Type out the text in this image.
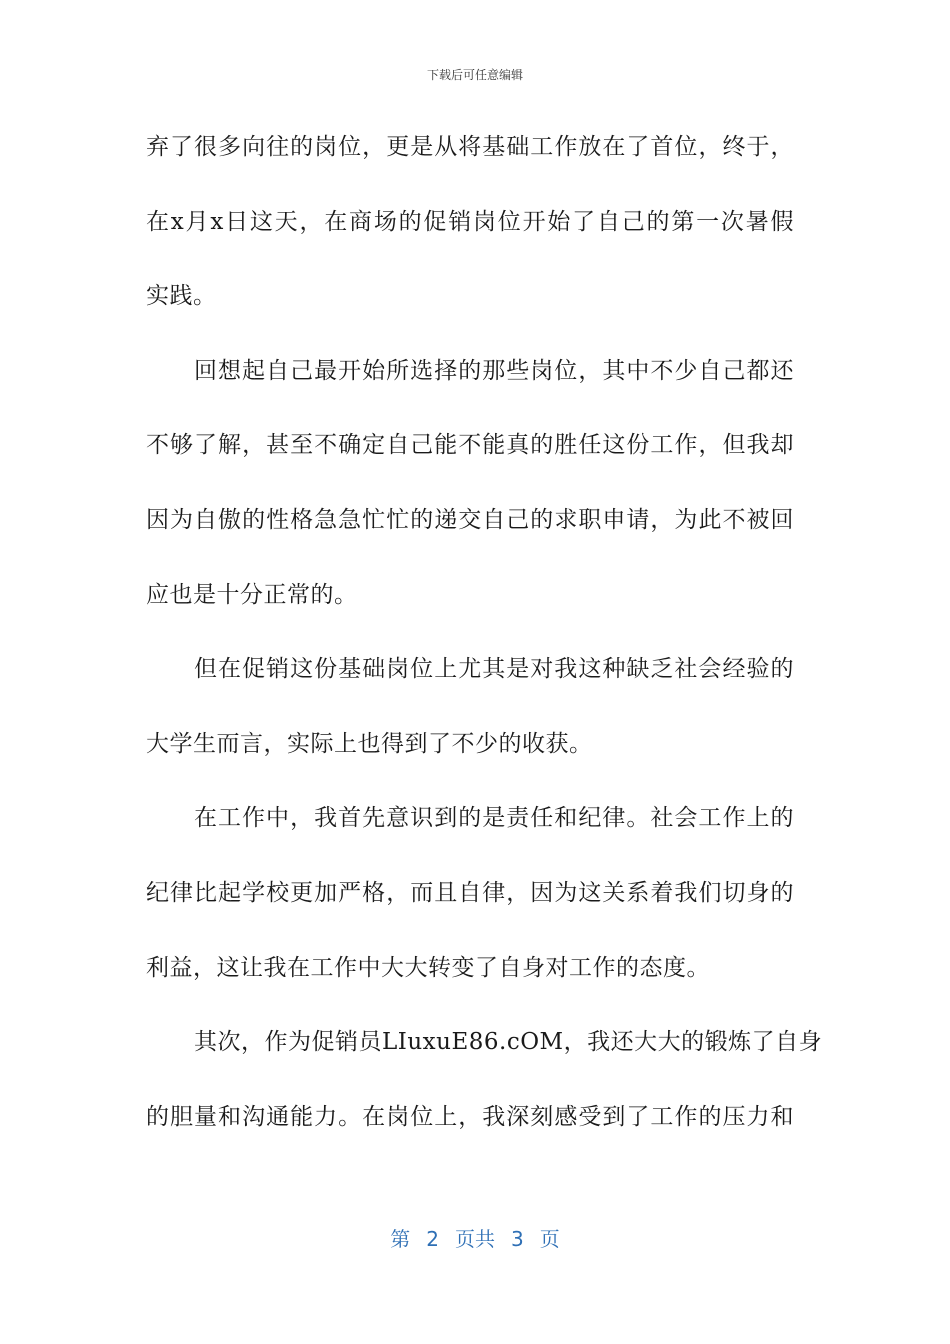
下载后可任意编辑
弃了很多向往的岗位，更是从将基础工作放在了首位，终于，
在x月x日这天，在商场的促销岗位开始了自己的第一次暑假
实践。
回想起自己最开始所选择的那些岗位，其中不少自己都还
不够了解，甚至不确定自己能不能真的胜任这份工作，但我却
因为自傲的性格急急忙忙的递交自己的求职申请，为此不被回
应也是十分正常的。
但在促销这份基础岗位上尤其是对我这种缺乏社会经验的
大学生而言，实际上也得到了不少的收获。
在工作中，我首先意识到的是责任和纪律。社会工作上的
纪律比起学校更加严格，而且自律，因为这关系着我们切身的
利益，这让我在工作中大大转变了自身对工作的态度。
其次，作为促销员LIuxuE86.cOM，我还大大的锻炼了自身
的胆量和沟通能力。在岗位上，我深刻感受到了工作的压力和
第 2 页共 3 页
